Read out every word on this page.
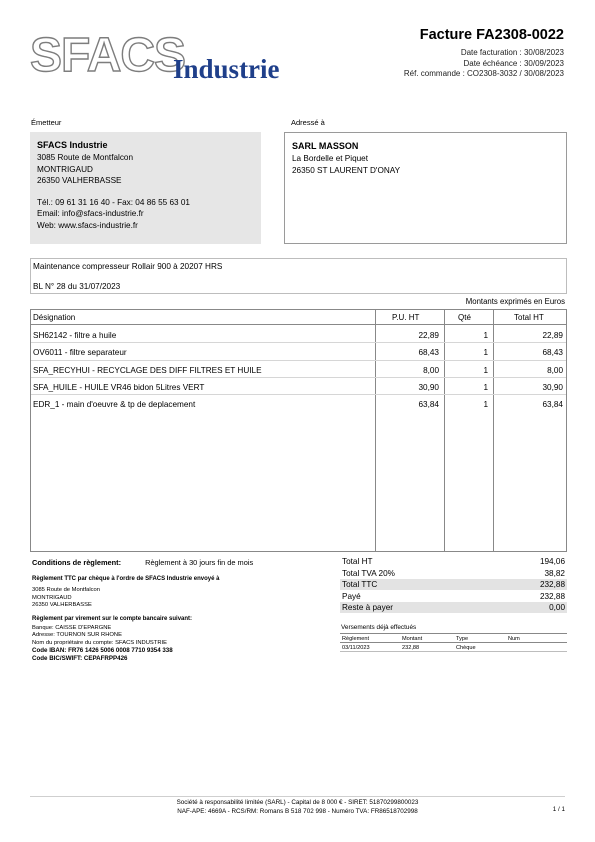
SFACS
Industrie
Facture FA2308-0022
Date facturation : 30/08/2023
Date échéance : 30/09/2023
Réf. commande : CO2308-3032 / 30/08/2023
Émetteur	Adressé à
SFACS Industrie
3085 Route de Montfalcon
MONTRIGAUD
26350 VALHERBASSE
Tél.: 09 61 31 16 40 - Fax: 04 86 55 63 01
Email: info@sfacs-industrie.fr
Web: www.sfacs-industrie.fr
SARL MASSON
La Bordelle et Piquet
26350 ST LAURENT D'ONAY
Maintenance compresseur Rollair 900 à 20207 HRS
BL N° 28 du 31/07/2023
Montants exprimés en Euros
Désignation	P.U. HT	Qté	Total HT
SH62142 - filtre a huile	22,89	1	22,89
OV6011 - filtre separateur	68,43	1	68,43
SFA_RECYHUI - RECYCLAGE DES DIFF FILTRES ET HUILE	8,00	1	8,00
SFA_HUILE - HUILE VR46 bidon 5Litres VERT	30,90	1	30,90
EDR_1 - main d'oeuvre & tp de deplacement	63,84	1	63,84
Conditions de règlement:	Règlement à 30 jours fin de mois
Règlement TTC par chèque à l'ordre de SFACS Industrie envoyé à
3085 Route de Montfalcon
MONTRIGAUD
26350 VALHERBASSE
Règlement par virement sur le compte bancaire suivant:
Banque: CAISSE D'EPARGNE
Adresse: TOURNON SUR RHONE
Nom du propriétaire du compte: SFACS INDUSTRIE
Code IBAN: FR76 1426 5006 0008 7710 9354 338
Code BIC/SWIFT: CEPAFRPP426
Total HT	194,06
Total TVA 20%	38,82
Total TTC	232,88
Payé	232,88
Reste à payer	0,00
Versements déjà effectués
Règlement	Montant	Type	Num
03/11/2023	232,88	Chèque
Société à responsabilité limitée (SARL) - Capital de 8 000 € - SIRET: 51870299800023
NAF-APE: 4669A - RCS/RM: Romans B 518 702 998 - Numéro TVA: FR86518702998	1 / 1
